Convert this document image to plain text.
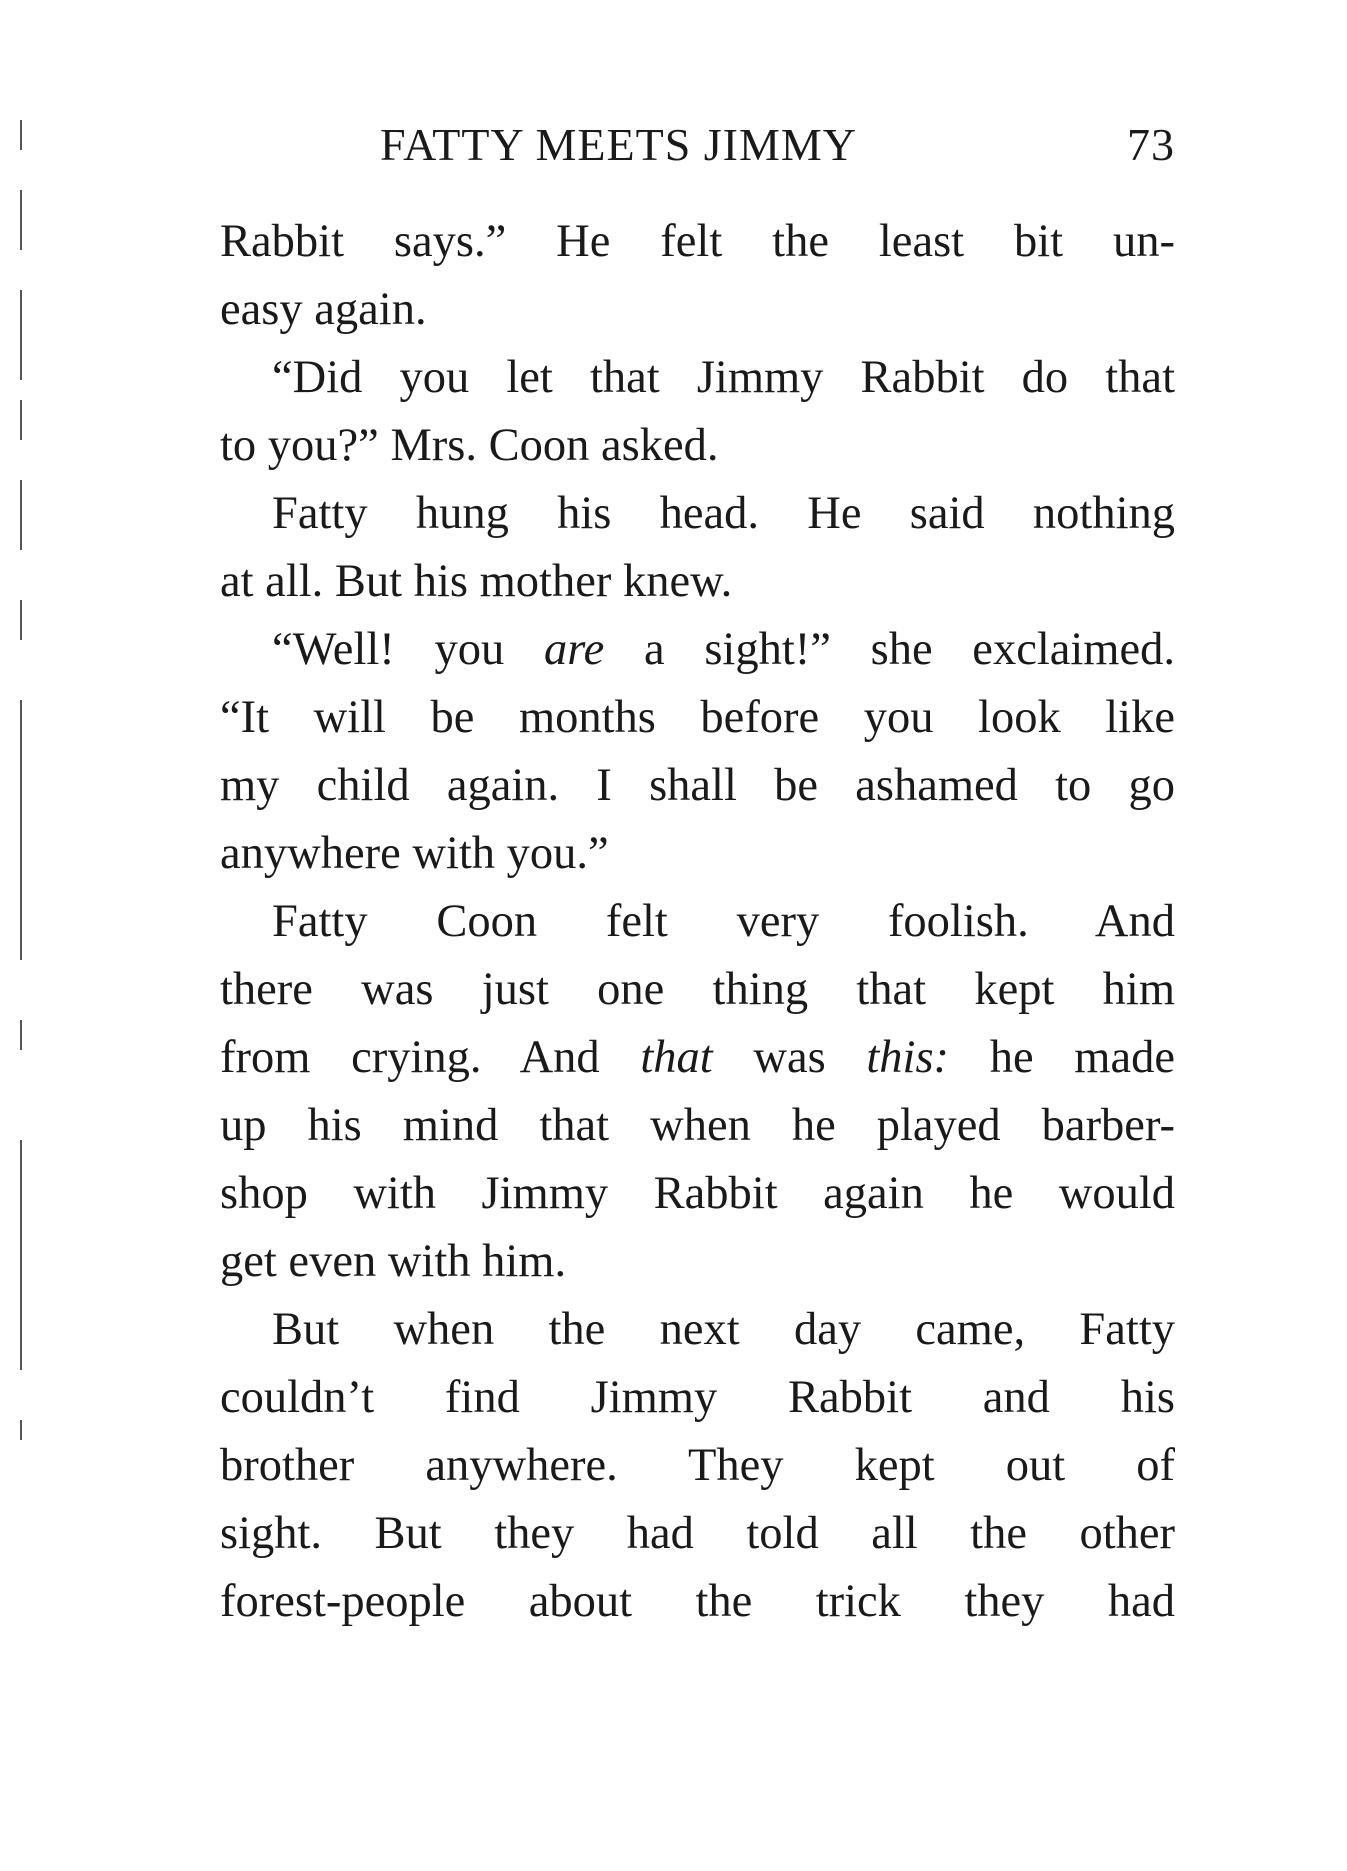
FATTY MEETS JIMMY	73

Rabbit says.” He felt the least bit un-

easy again.

“Did you let that Jimmy Rabbit do that

to you?” Mrs. Coon asked.

Fatty hung his head. He said nothing

at all. But his mother knew.

“Well! you are a sight!” she exclaimed.

“It will be months before you look like

my child again. I shall be ashamed to go

anywhere with you.”

Fatty Coon felt very foolish. And

there was just one thing that kept him

from crying. And that was this: he made

up his mind that when he played barber-

shop with Jimmy Rabbit again he would

get even with him.

But when the next day came, Fatty

couldn’t find Jimmy Rabbit and his

brother anywhere. They kept out of

sight. But they had told all the other

forest-people about the trick they had
